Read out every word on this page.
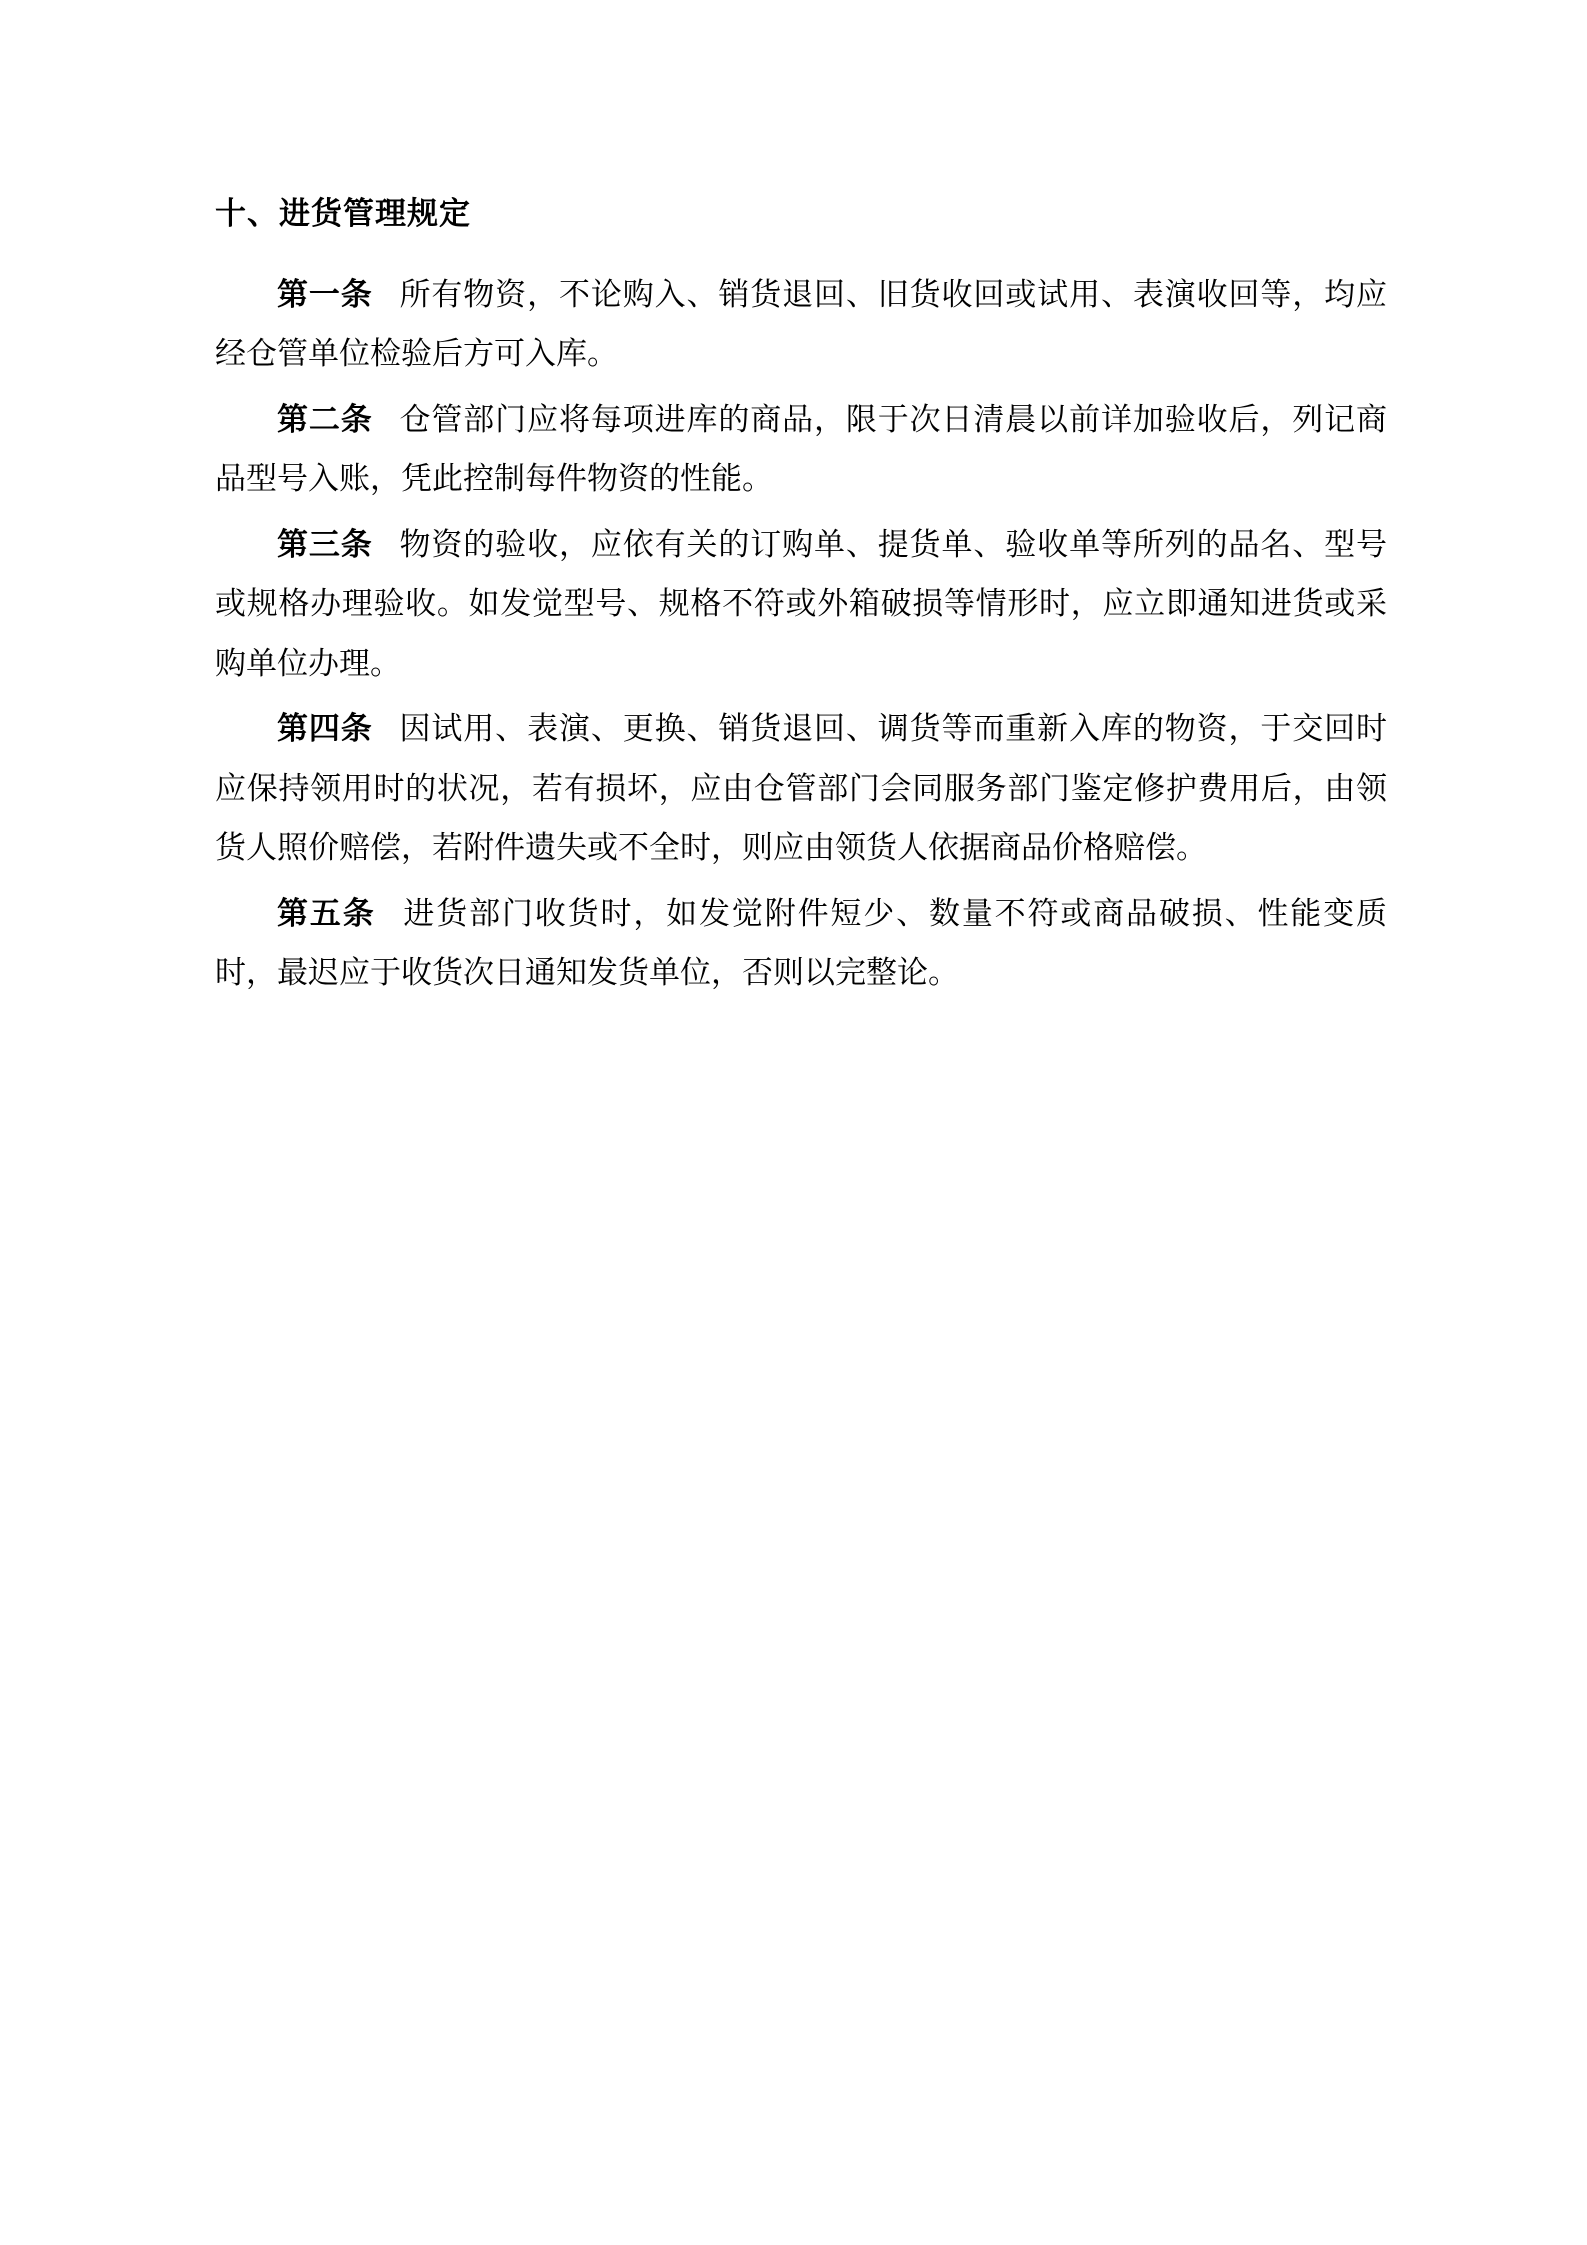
十、进货管理规定

第一条 所有物资，不论购入、销货退回、旧货收回或试用、表演收回等，均应经仓管单位检验后方可入库。

第二条 仓管部门应将每项进库的商品，限于次日清晨以前详加验收后，列记商品型号入账，凭此控制每件物资的性能。

第三条 物资的验收，应依有关的订购单、提货单、验收单等所列的品名、型号或规格办理验收。如发觉型号、规格不符或外箱破损等情形时，应立即通知进货或采购单位办理。

第四条 因试用、表演、更换、销货退回、调货等而重新入库的物资，于交回时应保持领用时的状况，若有损坏，应由仓管部门会同服务部门鉴定修护费用后，由领货人照价赔偿，若附件遗失或不全时，则应由领货人依据商品价格赔偿。

第五条 进货部门收货时，如发觉附件短少、数量不符或商品破损、性能变质时，最迟应于收货次日通知发货单位，否则以完整论。
